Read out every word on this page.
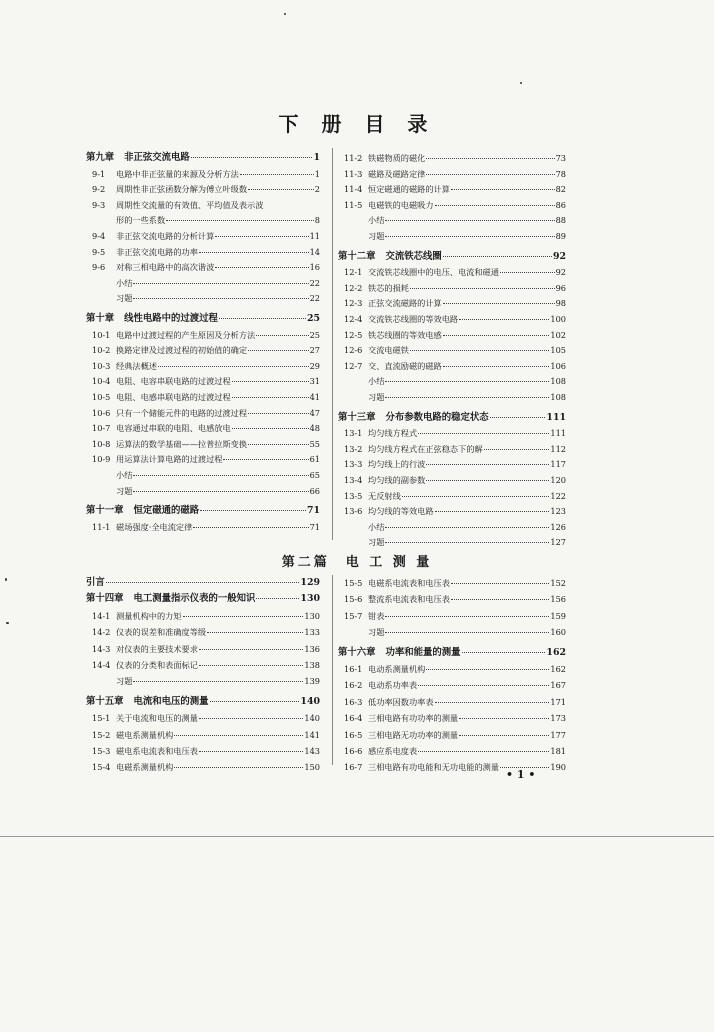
下 册 目 录
第九章 非正弦交流电路	1
9-1	电路中非正弦量的来源及分析方法	1
9-2	周期性非正弦函数分解为傅立叶级数	2
9-3	周期性交流量的有效值、平均值及表示波
形的一些系数	8
9-4	非正弦交流电路的分析计算	11
9-5	非正弦交流电路的功率	14
9-6	对称三相电路中的高次谐波	16
小结	22
习题	22
第十章 线性电路中的过渡过程	25
10-1 电路中过渡过程的产生原因及分析方法	25
10-2 换路定律及过渡过程的初始值的确定	27
10-3 经典法概述	29
10-4 电阻、电容串联电路的过渡过程	31
10-5 电阻、电感串联电路的过渡过程	41
10-6 只有一个储能元件的电路的过渡过程	47
10-7 电容通过串联的电阻、电感放电	48
10-8 运算法的数学基础——拉普拉斯变换	55
10-9 用运算法计算电路的过渡过程	61
小结	65
习题	66
第十一章 恒定磁通的磁路	71
11-1 磁场强度·全电流定律	71
11-2 铁磁物质的磁化	73
11-3 磁路及磁路定律	78
11-4 恒定磁通的磁路的计算	82
11-5 电磁铁的电磁吸力	86
小结	88
习题	89
第十二章 交流铁芯线圈	92
12-1 交流铁芯线圈中的电压、电流和磁通	92
12-2 铁芯的损耗	96
12-3 正弦交流磁路的计算	98
12-4 交流铁芯线圈的等效电路	100
12-5 铁芯线圈的等效电感	102
12-6 交流电磁铁	105
12-7 交、直流励磁的磁路	106
小结	108
习题	108
第十三章 分布参数电路的稳定状态	111
13-1 均匀线方程式	111
13-2 均匀线方程式在正弦稳态下的解	112
13-3 均匀线上的行波	117
13-4 均匀线的副参数	120
13-5 无反射线	122
13-6 均匀线的等效电路	123
小结	126
习题	127
第二篇　电 工 测 量
引言	129
第十四章 电工测量指示仪表的一般知识	130
14-1 测量机构中的力矩	130
14-2 仪表的误差和准确度等级	133
14-3 对仪表的主要技术要求	136
14-4 仪表的分类和表面标记	138
习题	139
第十五章 电流和电压的测量	140
15-1 关于电流和电压的测量	140
15-2 磁电系测量机构	141
15-3 磁电系电流表和电压表	143
15-4 电磁系测量机构	150
15-5 电磁系电流表和电压表	152
15-6 整流系电流表和电压表	156
15-7 钳表	159
习题	160
第十六章 功率和能量的测量	162
16-1 电动系测量机构	162
16-2 电动系功率表	167
16-3 低功率因数功率表	171
16-4 三相电路有功功率的测量	173
16-5 三相电路无功功率的测量	177
16-6 感应系电度表	181
16-7 三相电路有功电能和无功电能的测量	190
• 1 •
